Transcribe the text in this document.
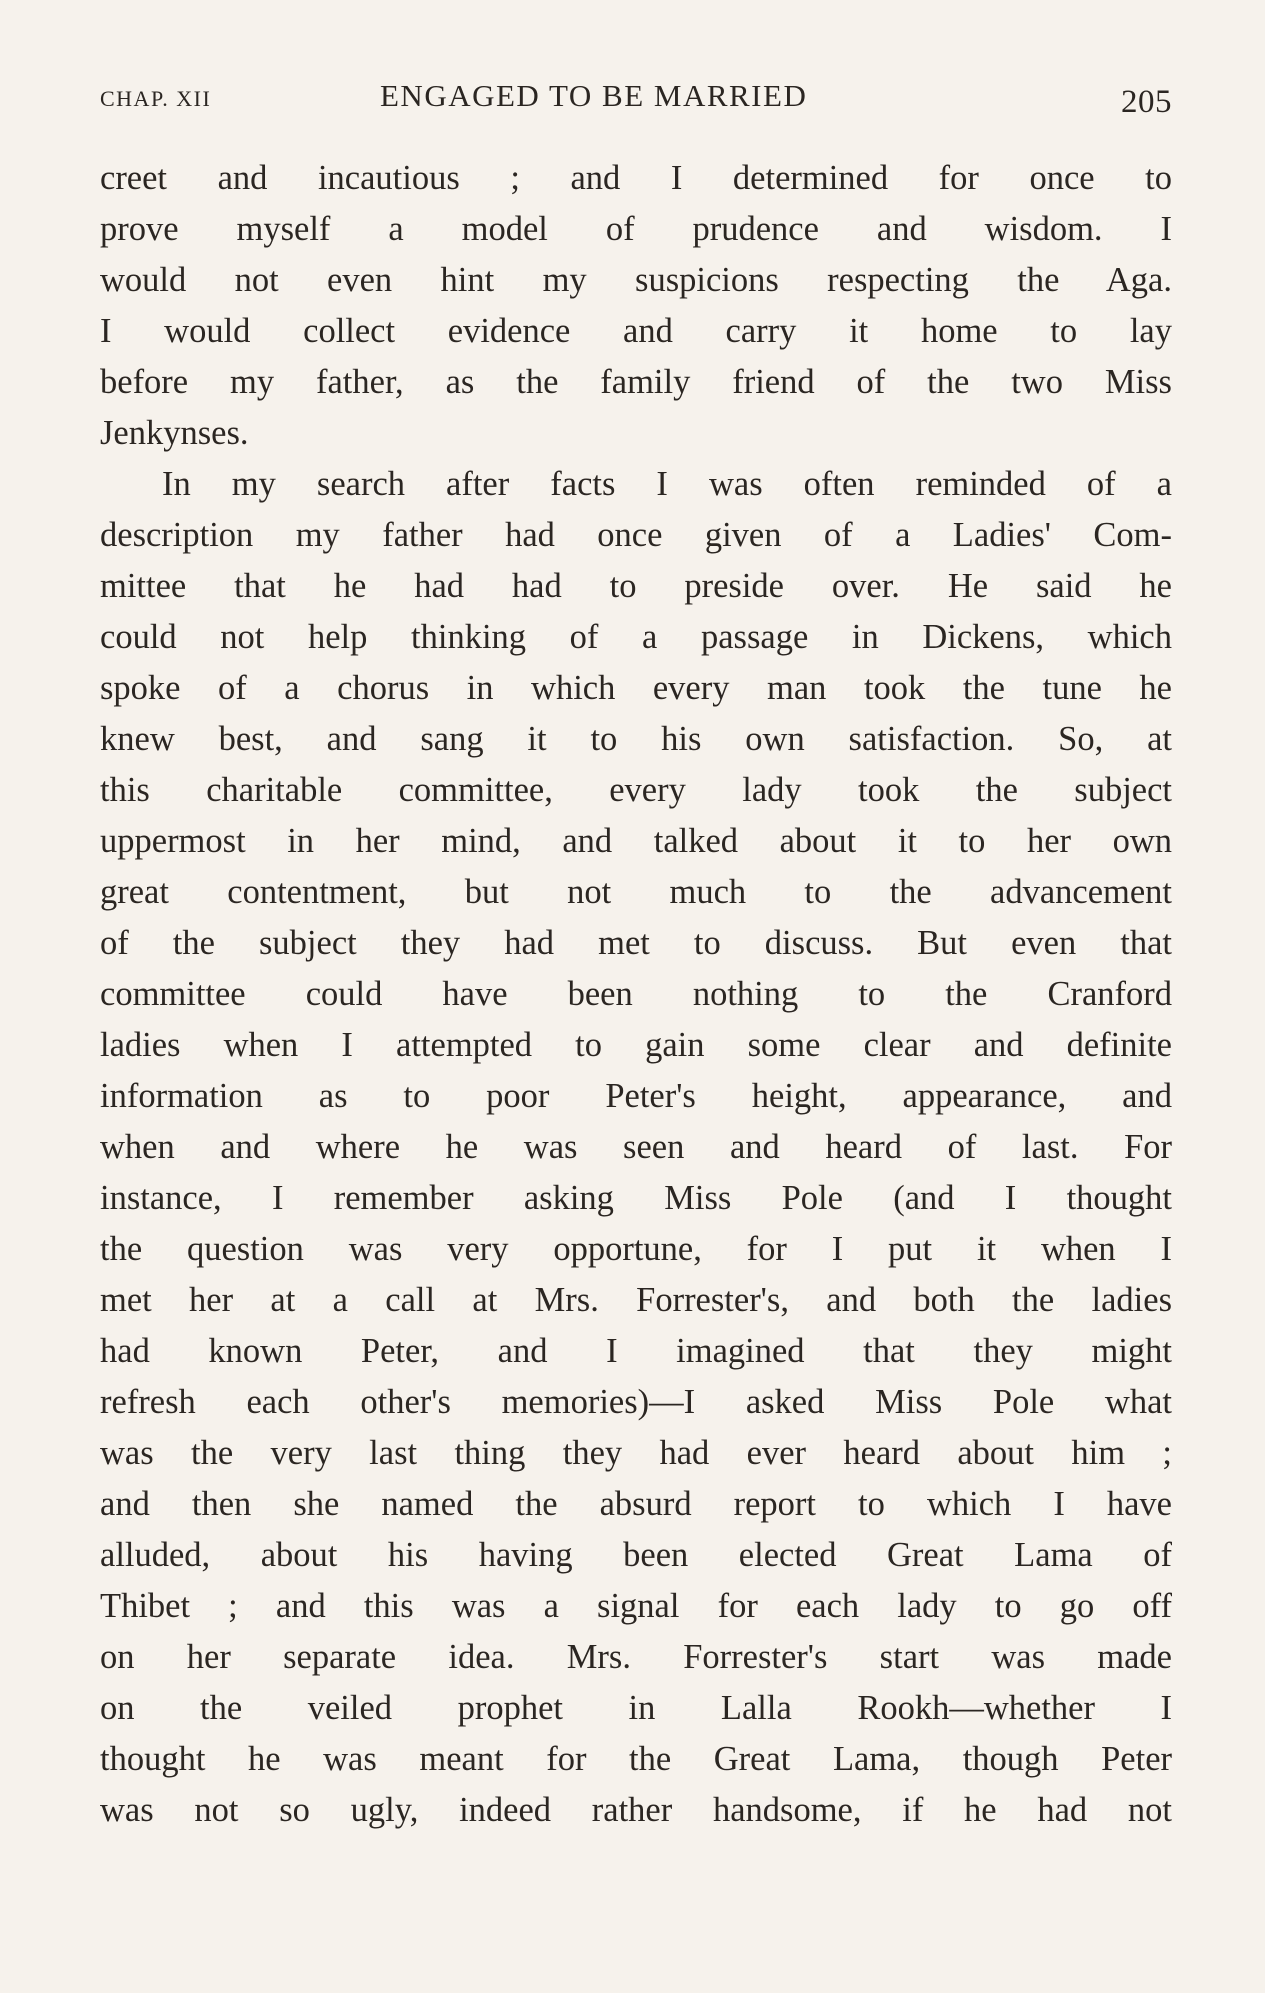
CHAP. XII	ENGAGED TO BE MARRIED	205
creet and incautious ; and I determined for once to
prove myself a model of prudence and wisdom. I
would not even hint my suspicions respecting the Aga.
I would collect evidence and carry it home to lay
before my father, as the family friend of the two Miss
Jenkynses.
In my search after facts I was often reminded of a
description my father had once given of a Ladies' Com-
mittee that he had had to preside over. He said he
could not help thinking of a passage in Dickens, which
spoke of a chorus in which every man took the tune he
knew best, and sang it to his own satisfaction. So, at
this charitable committee, every lady took the subject
uppermost in her mind, and talked about it to her own
great contentment, but not much to the advancement
of the subject they had met to discuss. But even that
committee could have been nothing to the Cranford
ladies when I attempted to gain some clear and definite
information as to poor Peter's height, appearance, and
when and where he was seen and heard of last. For
instance, I remember asking Miss Pole (and I thought
the question was very opportune, for I put it when I
met her at a call at Mrs. Forrester's, and both the ladies
had known Peter, and I imagined that they might
refresh each other's memories)—I asked Miss Pole what
was the very last thing they had ever heard about him ;
and then she named the absurd report to which I have
alluded, about his having been elected Great Lama of
Thibet ; and this was a signal for each lady to go off
on her separate idea. Mrs. Forrester's start was made
on the veiled prophet in Lalla Rookh—whether I
thought he was meant for the Great Lama, though Peter
was not so ugly, indeed rather handsome, if he had not
